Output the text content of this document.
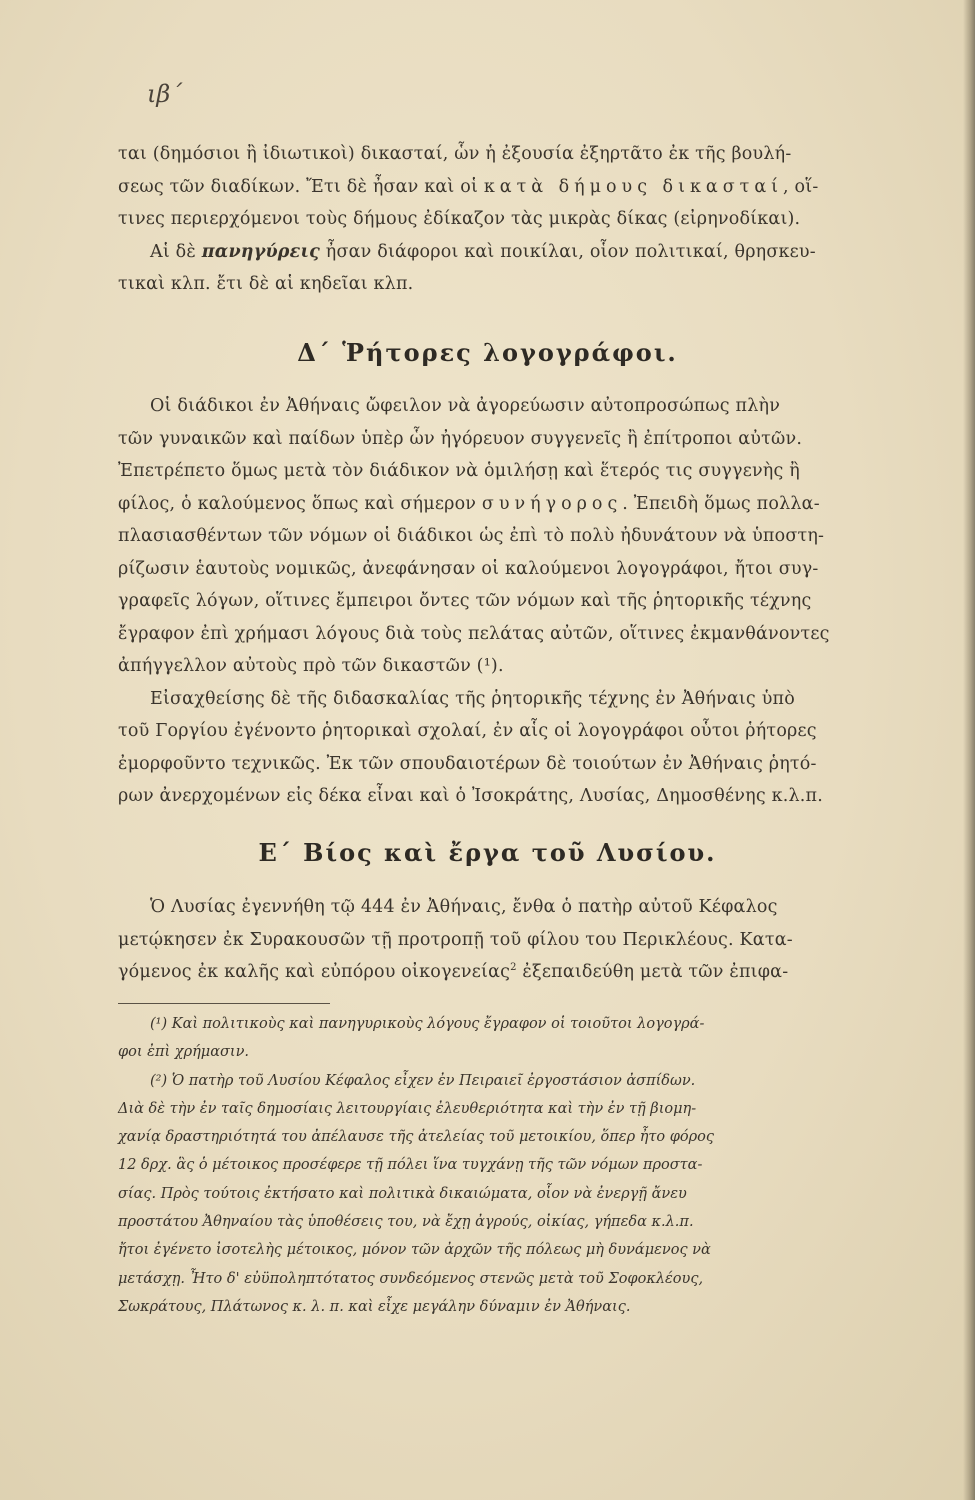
ιβ΄
ται (δημόσιοι ἢ ἰδιωτικοὶ) δικασταί, ὧν ἡ ἐξουσία ἐξηρτᾶτο ἐκ τῆς βουλή-
σεως τῶν διαδίκων. Ἔτι δὲ ἦσαν καὶ οἱ κατὰ δήμους δικασταί, οἵ-
τινες περιερχόμενοι τοὺς δήμους ἐδίκαζον τὰς μικρὰς δίκας (εἰρηνοδίκαι).
Αἱ δὲ πανηγύρεις ἦσαν διάφοροι καὶ ποικίλαι, οἷον πολιτικαί, θρησκευ-
τικαὶ κλπ. ἔτι δὲ αἱ κηδεῖαι κλπ.
Δ΄ Ῥήτορες λογογράφοι.
Οἱ διάδικοι ἐν Ἀθήναις ὤφειλον νὰ ἀγορεύωσιν αὐτοπροσώπως πλὴν
τῶν γυναικῶν καὶ παίδων ὑπὲρ ὧν ἠγόρευον συγγενεῖς ἢ ἐπίτροποι αὐτῶν.
Ἐπετρέπετο ὅμως μετὰ τὸν διάδικον νὰ ὁμιλήσῃ καὶ ἕτερός τις συγγενὴς ἢ
φίλος, ὁ καλούμενος ὅπως καὶ σήμερον συνήγορος. Ἐπειδὴ ὅμως πολλα-
πλασιασθέντων τῶν νόμων οἱ διάδικοι ὡς ἐπὶ τὸ πολὺ ἠδυνάτουν νὰ ὑποστη-
ρίζωσιν ἑαυτοὺς νομικῶς, ἀνεφάνησαν οἱ καλούμενοι λογογράφοι, ἤτοι συγ-
γραφεῖς λόγων, οἵτινες ἔμπειροι ὄντες τῶν νόμων καὶ τῆς ῥητορικῆς τέχνης
ἔγραφον ἐπὶ χρήμασι λόγους διὰ τοὺς πελάτας αὐτῶν, οἵτινες ἐκμανθάνοντες
ἀπήγγελλον αὐτοὺς πρὸ τῶν δικαστῶν (¹).
Εἰσαχθείσης δὲ τῆς διδασκαλίας τῆς ῥητορικῆς τέχνης ἐν Ἀθήναις ὑπὸ
τοῦ Γοργίου ἐγένοντο ῥητορικαὶ σχολαί, ἐν αἷς οἱ λογογράφοι οὗτοι ῥήτορες
ἐμορφοῦντο τεχνικῶς. Ἐκ τῶν σπουδαιοτέρων δὲ τοιούτων ἐν Ἀθήναις ῥητό-
ρων ἀνερχομένων εἰς δέκα εἶναι καὶ ὁ Ἰσοκράτης, Λυσίας, Δημοσθένης κ.λ.π.
Ε΄ Βίος καὶ ἔργα τοῦ Λυσίου.
Ὁ Λυσίας ἐγεννήθη τῷ 444 ἐν Ἀθήναις, ἔνθα ὁ πατὴρ αὐτοῦ Κέφαλος
μετῴκησεν ἐκ Συρακουσῶν τῇ προτροπῇ τοῦ φίλου του Περικλέους. Κατα-
γόμενος ἐκ καλῆς καὶ εὐπόρου οἰκογενείας$^2$ ἐξεπαιδεύθη μετὰ τῶν ἐπιφα-
(¹) Καὶ πολιτικοὺς καὶ πανηγυρικοὺς λόγους ἔγραφον οἱ τοιοῦτοι λογογρά-
φοι ἐπὶ χρήμασιν.
(²) Ὁ πατὴρ τοῦ Λυσίου Κέφαλος εἶχεν ἐν Πειραιεῖ ἐργοστάσιον ἀσπίδων.
Διὰ δὲ τὴν ἐν ταῖς δημοσίαις λειτουργίαις ἐλευθεριότητα καὶ τὴν ἐν τῇ βιομη-
χανίᾳ δραστηριότητά του ἀπέλαυσε τῆς ἀτελείας τοῦ μετοικίου, ὅπερ ἦτο φόρος
12 δρχ. ἃς ὁ μέτοικος προσέφερε τῇ πόλει ἵνα τυγχάνῃ τῆς τῶν νόμων προστα-
σίας. Πρὸς τούτοις ἐκτήσατο καὶ πολιτικὰ δικαιώματα, οἷον νὰ ἐνεργῇ ἄνευ
προστάτου Ἀθηναίου τὰς ὑποθέσεις του, νὰ ἔχῃ ἀγρούς, οἰκίας, γήπεδα κ.λ.π.
ἤτοι ἐγένετο ἰσοτελὴς μέτοικος, μόνον τῶν ἀρχῶν τῆς πόλεως μὴ δυνάμενος νὰ
μετάσχῃ. Ἦτο δ' εὐϋποληπτότατος συνδεόμενος στενῶς μετὰ τοῦ Σοφοκλέους,
Σωκράτους, Πλάτωνος κ. λ. π. καὶ εἶχε μεγάλην δύναμιν ἐν Ἀθήναις.
